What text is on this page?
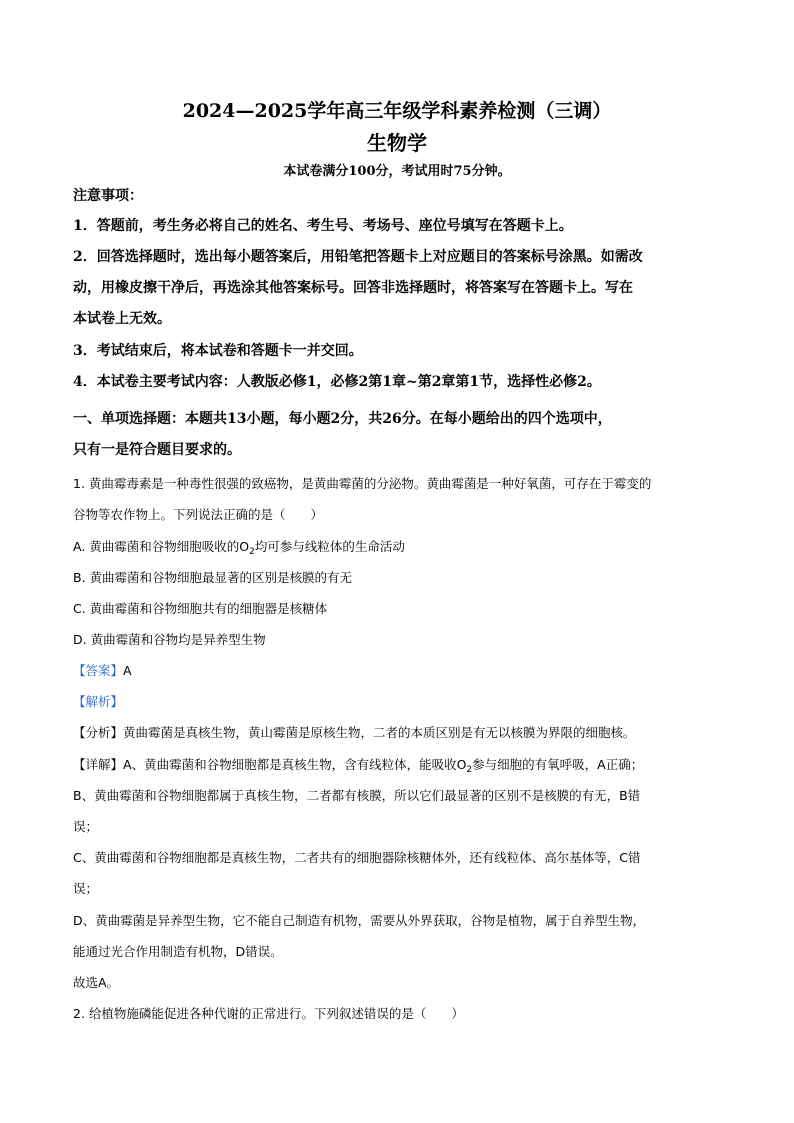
2024—2025学年高三年级学科素养检测（三调）
生物学
本试卷满分100分，考试用时75分钟。
注意事项：
1．答题前，考生务必将自己的姓名、考生号、考场号、座位号填写在答题卡上。
2．回答选择题时，选出每小题答案后，用铅笔把答题卡上对应题目的答案标号涂黑。如需改
动，用橡皮擦干净后，再选涂其他答案标号。回答非选择题时，将答案写在答题卡上。写在
本试卷上无效。
3．考试结束后，将本试卷和答题卡一并交回。
4．本试卷主要考试内容：人教版必修1，必修2第1章~第2章第1节，选择性必修2。
一、单项选择题：本题共13小题，每小题2分，共26分。在每小题给出的四个选项中，
只有一是符合题目要求的。
1. 黄曲霉毒素是一种毒性很强的致癌物，是黄曲霉菌的分泌物。黄曲霉菌是一种好氧菌，可存在于霉变的
谷物等农作物上。下列说法正确的是（　　）
A. 黄曲霉菌和谷物细胞吸收的$O_2$均可参与线粒体的生命活动
B. 黄曲霉菌和谷物细胞最显著的区别是核膜的有无
C. 黄曲霉菌和谷物细胞共有的细胞器是核糖体
D. 黄曲霉菌和谷物均是异养型生物
【答案】A
【解析】
【分析】黄曲霉菌是真核生物，黄山霉菌是原核生物，二者的本质区别是有无以核膜为界限的细胞核。
【详解】A、黄曲霉菌和谷物细胞都是真核生物，含有线粒体，能吸收$O_2$参与细胞的有氧呼吸，A正确；
B、黄曲霉菌和谷物细胞都属于真核生物，二者都有核膜，所以它们最显著的区别不是核膜的有无，B错
误；
C、黄曲霉菌和谷物细胞都是真核生物，二者共有的细胞器除核糖体外，还有线粒体、高尔基体等，C错
误；
D、黄曲霉菌是异养型生物，它不能自己制造有机物，需要从外界获取，谷物是植物，属于自养型生物，
能通过光合作用制造有机物，D错误。
故选A。
2. 给植物施磷能促进各种代谢的正常进行。下列叙述错误的是（　　）
